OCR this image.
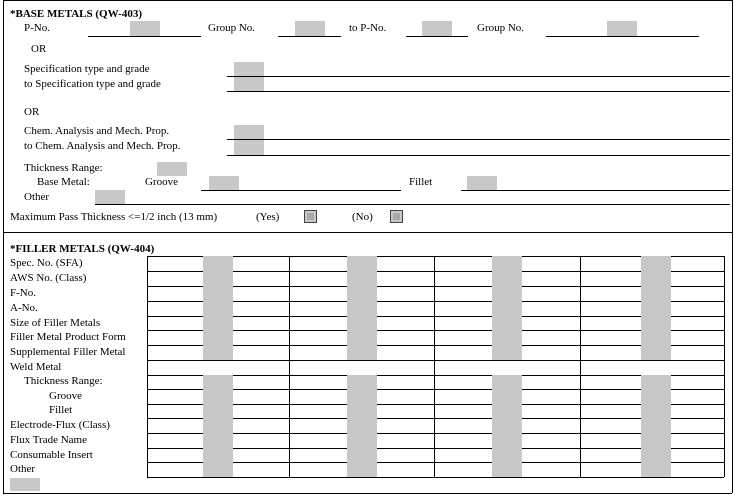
*BASE METALS (QW-403)
P-No.	Group No.	to P-No.	Group No.
OR
Specification type and grade
to Specification type and grade
OR
Chem. Analysis and Mech. Prop.
to Chem. Analysis and Mech. Prop.
Thickness Range:
Base Metal:	Groove	Fillet
Other
Maximum Pass Thickness <=1/2 inch (13 mm)	(Yes)	(No)
*FILLER METALS (QW-404)
Spec. No. (SFA)
AWS No. (Class)
F-No.
A-No.
Size of Filler Metals
Filler Metal Product Form
Supplemental Filler Metal
Weld Metal
Thickness Range:
Groove
Fillet
Electrode-Flux (Class)
Flux Trade Name
Consumable Insert
Other
